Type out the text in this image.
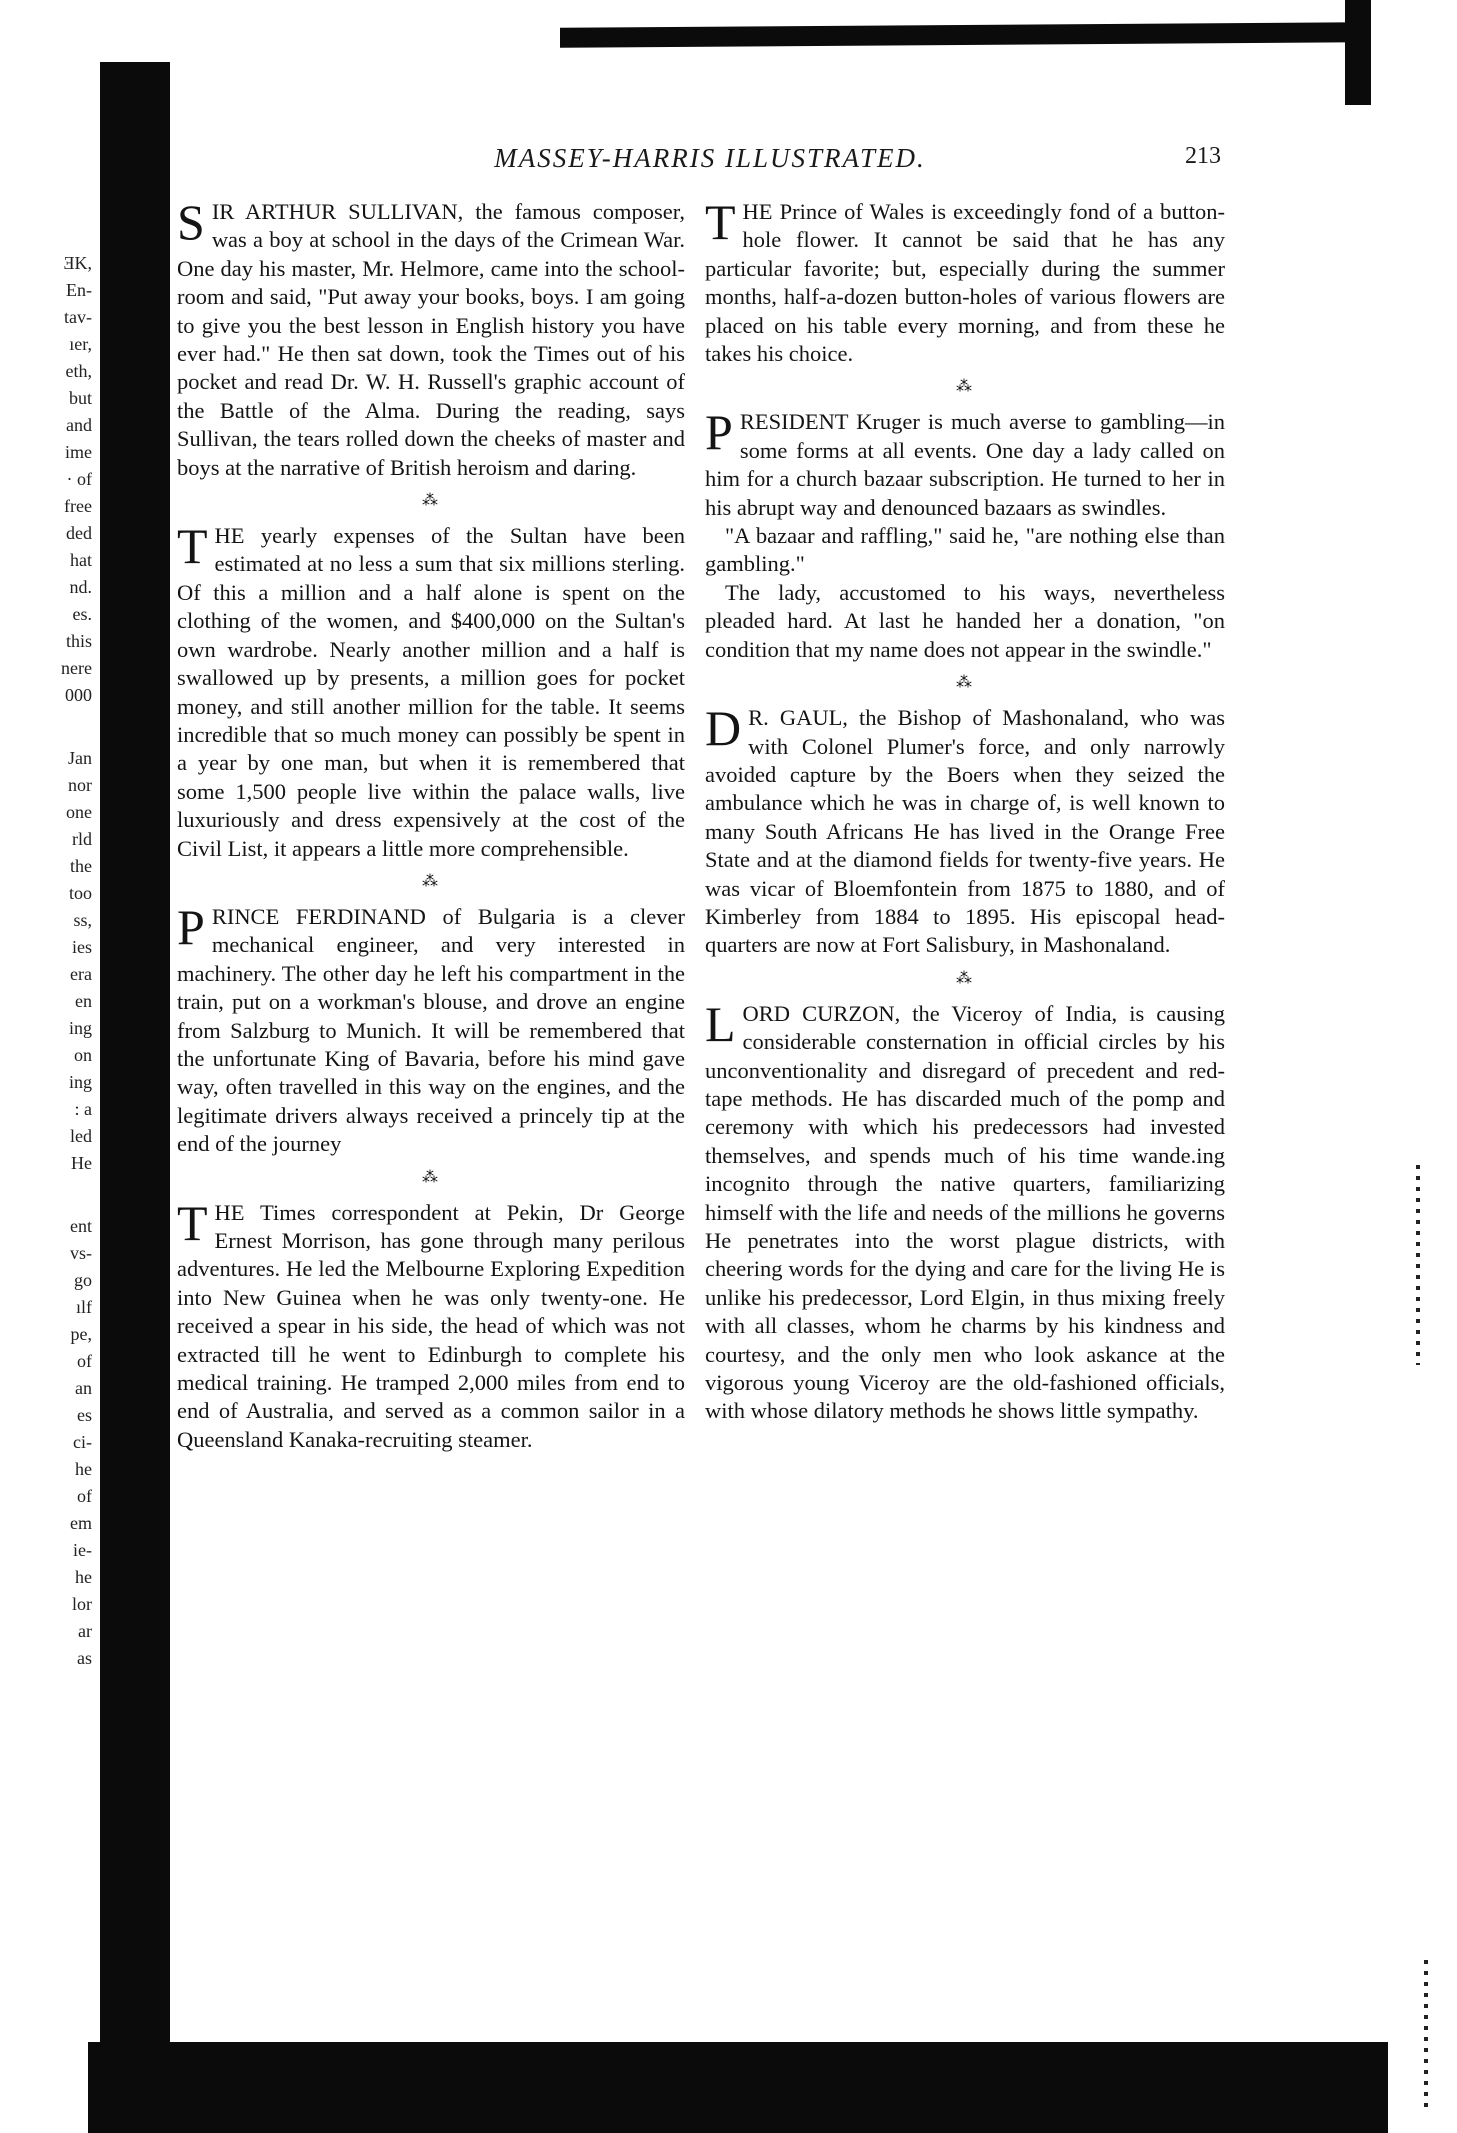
ƎK,
En-
tav-
ıer,
eth,
but
and
ime
· of
free
ded
hat
nd.
es.
this
nere
000
Jan
nor
one
rld
the
too
ss,
ies
era
en
ing
on
ing
: a
led
He
ent
vs-
go
ılf
pe,
of
an
es
ci-
he
of
em
ie-
he
lor
ar
as
MASSEY-HARRIS ILLUSTRATED.	213

SIR ARTHUR SULLIVAN, the famous composer, was a boy at school in the days of the Crimean War. One day his master, Mr. Helmore, came into the school-room and said, "Put away your books, boys. I am going to give you the best lesson in English history you have ever had." He then sat down, took the Times out of his pocket and read Dr. W. H. Russell's graphic account of the Battle of the Alma. During the reading, says Sullivan, the tears rolled down the cheeks of master and boys at the narrative of British heroism and daring.

⁂

THE yearly expenses of the Sultan have been estimated at no less a sum that six millions sterling. Of this a million and a half alone is spent on the clothing of the women, and $400,000 on the Sultan's own wardrobe. Nearly another million and a half is swallowed up by presents, a million goes for pocket money, and still another million for the table. It seems incredible that so much money can possibly be spent in a year by one man, but when it is remembered that some 1,500 people live within the palace walls, live luxuriously and dress expensively at the cost of the Civil List, it appears a little more comprehensible.

⁂

PRINCE FERDINAND of Bulgaria is a clever mechanical engineer, and very interested in machinery. The other day he left his compartment in the train, put on a workman's blouse, and drove an engine from Salzburg to Munich. It will be remembered that the unfortunate King of Bavaria, before his mind gave way, often travelled in this way on the engines, and the legitimate drivers always received a princely tip at the end of the journey

⁂

THE Times correspondent at Pekin, Dr George Ernest Morrison, has gone through many perilous adventures. He led the Melbourne Exploring Expedition into New Guinea when he was only twenty-one. He received a spear in his side, the head of which was not extracted till he went to Edinburgh to complete his medical training. He tramped 2,000 miles from end to end of Australia, and served as a common sailor in a Queensland Kanaka-recruiting steamer.

THE Prince of Wales is exceedingly fond of a button-hole flower. It cannot be said that he has any particular favorite; but, especially during the summer months, half-a-dozen button-holes of various flowers are placed on his table every morning, and from these he takes his choice.

⁂

PRESIDENT Kruger is much averse to gambling—in some forms at all events. One day a lady called on him for a church bazaar subscription. He turned to her in his abrupt way and denounced bazaars as swindles.

"A bazaar and raffling," said he, "are nothing else than gambling."

The lady, accustomed to his ways, nevertheless pleaded hard. At last he handed her a donation, "on condition that my name does not appear in the swindle."

⁂

D R. GAUL, the Bishop of Mashonaland, who was with Colonel Plumer's force, and only narrowly avoided capture by the Boers when they seized the ambulance which he was in charge of, is well known to many South Africans He has lived in the Orange Free State and at the diamond fields for twenty-five years. He was vicar of Bloemfontein from 1875 to 1880, and of Kimberley from 1884 to 1895. His episcopal head-quarters are now at Fort Salisbury, in Mashonaland.

⁂

LORD CURZON, the Viceroy of India, is causing considerable consternation in official circles by his unconventionality and disregard of precedent and red-tape methods. He has discarded much of the pomp and ceremony with which his predecessors had invested themselves, and spends much of his time wande.ing incognito through the native quarters, familiarizing himself with the life and needs of the millions he governs He penetrates into the worst plague districts, with cheering words for the dying and care for the living He is unlike his predecessor, Lord Elgin, in thus mixing freely with all classes, whom he charms by his kindness and courtesy, and the only men who look askance at the vigorous young Viceroy are the old-fashioned officials, with whose dilatory methods he shows little sympathy.
